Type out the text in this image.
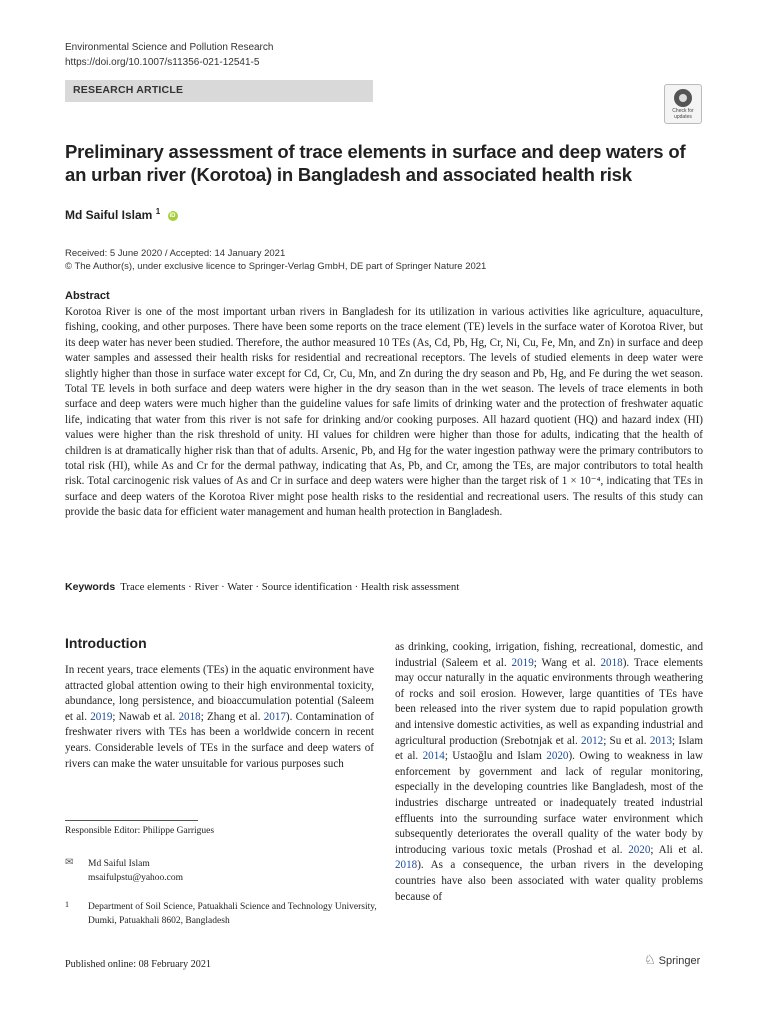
Environmental Science and Pollution Research
https://doi.org/10.1007/s11356-021-12541-5
RESEARCH ARTICLE
Check for
updates
Preliminary assessment of trace elements in surface and deep waters of an urban river (Korotoa) in Bangladesh and associated health risk
Md Saiful Islam $^1$ iD
Received: 5 June 2020 / Accepted: 14 January 2021
© The Author(s), under exclusive licence to Springer-Verlag GmbH, DE part of Springer Nature 2021
Abstract
Korotoa River is one of the most important urban rivers in Bangladesh for its utilization in various activities like agriculture, aquaculture, fishing, cooking, and other purposes. There have been some reports on the trace element (TE) levels in the surface water of Korotoa River, but its deep water has never been studied. Therefore, the author measured 10 TEs (As, Cd, Pb, Hg, Cr, Ni, Cu, Fe, Mn, and Zn) in surface and deep water samples and assessed their health risks for residential and recreational receptors. The levels of studied elements in deep water were slightly higher than those in surface water except for Cd, Cr, Cu, Mn, and Zn during the dry season and Pb, Hg, and Fe during the wet season. Total TE levels in both surface and deep waters were higher in the dry season than in the wet season. The levels of trace elements in both surface and deep waters were much higher than the guideline values for safe limits of drinking water and the protection of freshwater aquatic life, indicating that water from this river is not safe for drinking and/or cooking purposes. All hazard quotient (HQ) and hazard index (HI) values were higher than the risk threshold of unity. HI values for children were higher than those for adults, indicating that the health of children is at dramatically higher risk than that of adults. Arsenic, Pb, and Hg for the water ingestion pathway were the primary contributors to total risk (HI), while As and Cr for the dermal pathway, indicating that As, Pb, and Cr, among the TEs, are major contributors to total health risk. Total carcinogenic risk values of As and Cr in surface and deep waters were higher than the target risk of 1 × 10⁻⁴, indicating that TEs in surface and deep waters of the Korotoa River might pose health risks to the residential and recreational users. The results of this study can provide the basic data for efficient water management and human health protection in Bangladesh.
Keywords Trace elements · River · Water · Source identification · Health risk assessment
Introduction
In recent years, trace elements (TEs) in the aquatic environment have attracted global attention owing to their high environmental toxicity, abundance, long persistence, and bioaccumulation potential (Saleem et al. 2019; Nawab et al. 2018; Zhang et al. 2017). Contamination of freshwater rivers with TEs has been a worldwide concern in recent years. Considerable levels of TEs in the surface and deep waters of rivers can make the water unsuitable for various purposes such
as drinking, cooking, irrigation, fishing, recreational, domestic, and industrial (Saleem et al. 2019; Wang et al. 2018). Trace elements may occur naturally in the aquatic environments through weathering of rocks and soil erosion. However, large quantities of TEs have been released into the river system due to rapid population growth and intensive domestic activities, as well as expanding industrial and agricultural production (Srebotnjak et al. 2012; Su et al. 2013; Islam et al. 2014; Ustaoğlu and Islam 2020). Owing to weakness in law enforcement by government and lack of regular monitoring, especially in the developing countries like Bangladesh, most of the industries discharge untreated or inadequately treated industrial effluents into the surrounding surface water environment which subsequently deteriorates the overall quality of the water body by introducing various toxic metals (Proshad et al. 2020; Ali et al. 2018). As a consequence, the urban rivers in the developing countries have also been associated with water quality problems because of
Responsible Editor: Philippe Garrigues
✉ Md Saiful Islam
msaifulpstu@yahoo.com
1 Department of Soil Science, Patuakhali Science and Technology University, Dumki, Patuakhali 8602, Bangladesh
Published online: 08 February 2021	♘ Springer
